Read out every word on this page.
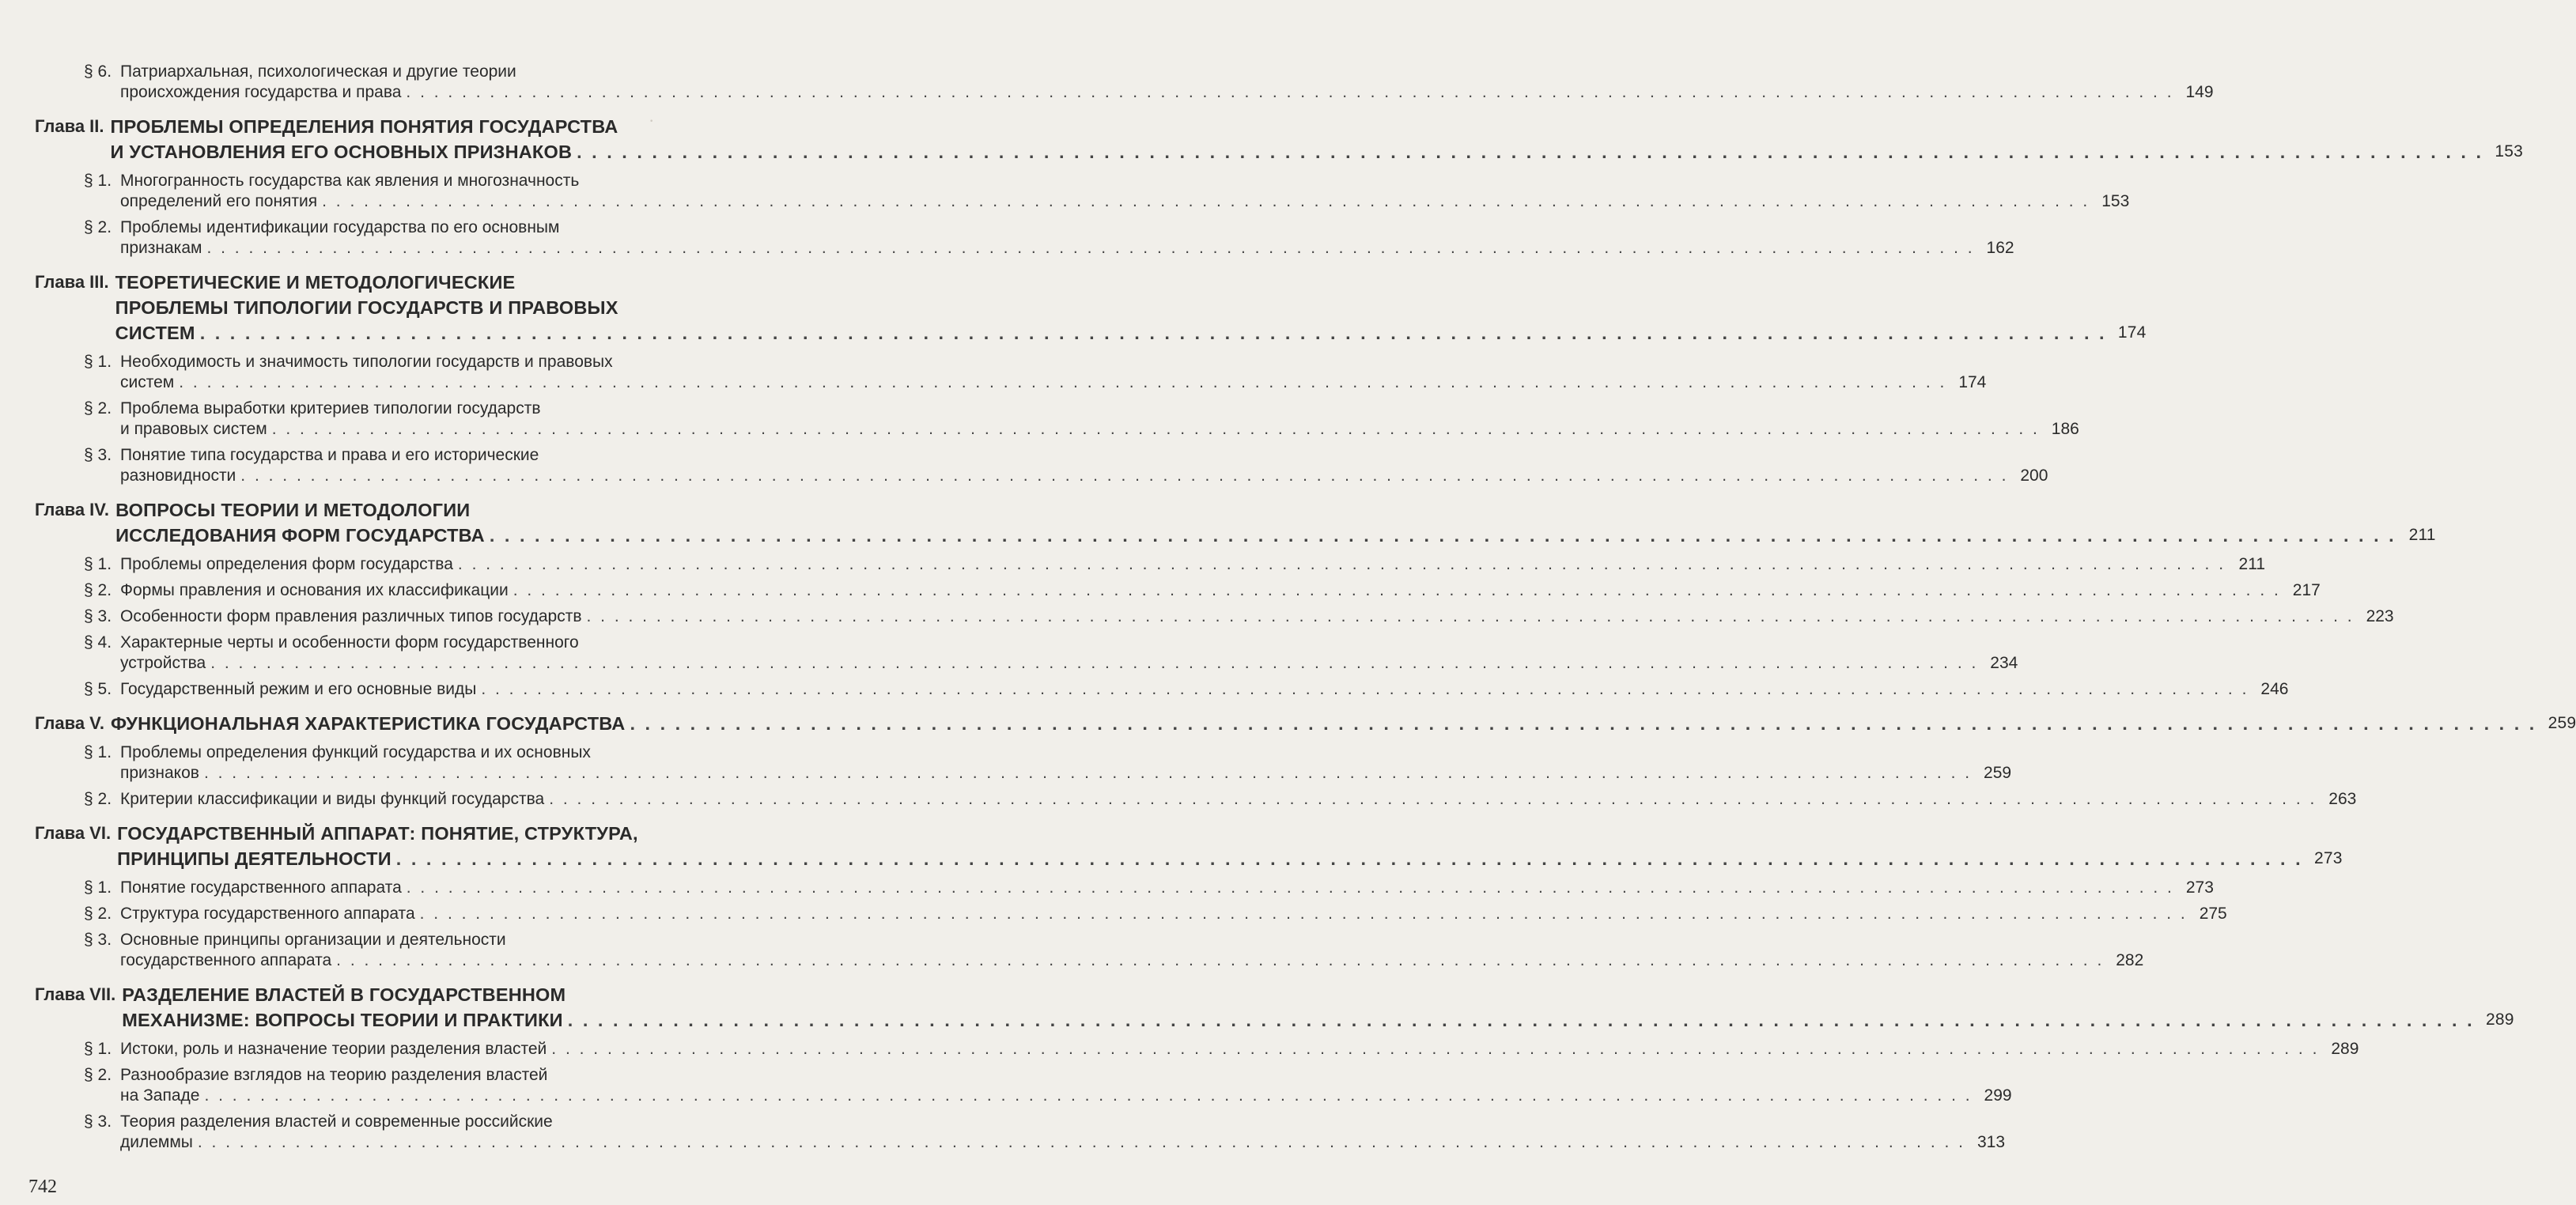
·
§ 6. Патриархальная, психологическая и другие теории
происхождения государства и права . . .	149
Глава II. ПРОБЛЕМЫ ОПРЕДЕЛЕНИЯ ПОНЯТИЯ ГОСУДАРСТВА
И УСТАНОВЛЕНИЯ ЕГО ОСНОВНЫХ ПРИЗНАКОВ . . .	153
§ 1. Многогранность государства как явления и многозначность
определений его понятия . . .	153
§ 2. Проблемы идентификации государства по его основным
признакам . . .	162
Глава III. ТЕОРЕТИЧЕСКИЕ И МЕТОДОЛОГИЧЕСКИЕ
ПРОБЛЕМЫ ТИПОЛОГИИ ГОСУДАРСТВ И ПРАВОВЫХ
СИСТЕМ . . .	174
§ 1. Необходимость и значимость типологии государств и правовых
систем . . .	174
§ 2. Проблема выработки критериев типологии государств
и правовых систем . . .	186
§ 3. Понятие типа государства и права и его исторические
разновидности . . .	200
Глава IV. ВОПРОСЫ ТЕОРИИ И МЕТОДОЛОГИИ
ИССЛЕДОВАНИЯ ФОРМ ГОСУДАРСТВА . . .	211
§ 1. Проблемы определения форм государства . . .	211
§ 2. Формы правления и основания их классификации . . .	217
§ 3. Особенности форм правления различных типов государств . . .	223
§ 4. Характерные черты и особенности форм государственного
устройства . . .	234
§ 5. Государственный режим и его основные виды . . .	246
Глава V. ФУНКЦИОНАЛЬНАЯ ХАРАКТЕРИСТИКА ГОСУДАРСТВА . . .	259
§ 1. Проблемы определения функций государства и их основных
признаков . . .	259
§ 2. Критерии классификации и виды функций государства . . .	263
Глава VI. ГОСУДАРСТВЕННЫЙ АППАРАТ: ПОНЯТИЕ, СТРУКТУРА,
ПРИНЦИПЫ ДЕЯТЕЛЬНОСТИ . . .	273
§ 1. Понятие государственного аппарата . . .	273
§ 2. Структура государственного аппарата . . .	275
§ 3. Основные принципы организации и деятельности
государственного аппарата . . .	282
Глава VII. РАЗДЕЛЕНИЕ ВЛАСТЕЙ В ГОСУДАРСТВЕННОМ
МЕХАНИЗМЕ: ВОПРОСЫ ТЕОРИИ И ПРАКТИКИ . . .	289
§ 1. Истоки, роль и назначение теории разделения властей . . .	289
§ 2. Разнообразие взглядов на теорию разделения властей
на Западе . . .	299
§ 3. Теория разделения властей и современные российские
дилеммы . . .	313
742
